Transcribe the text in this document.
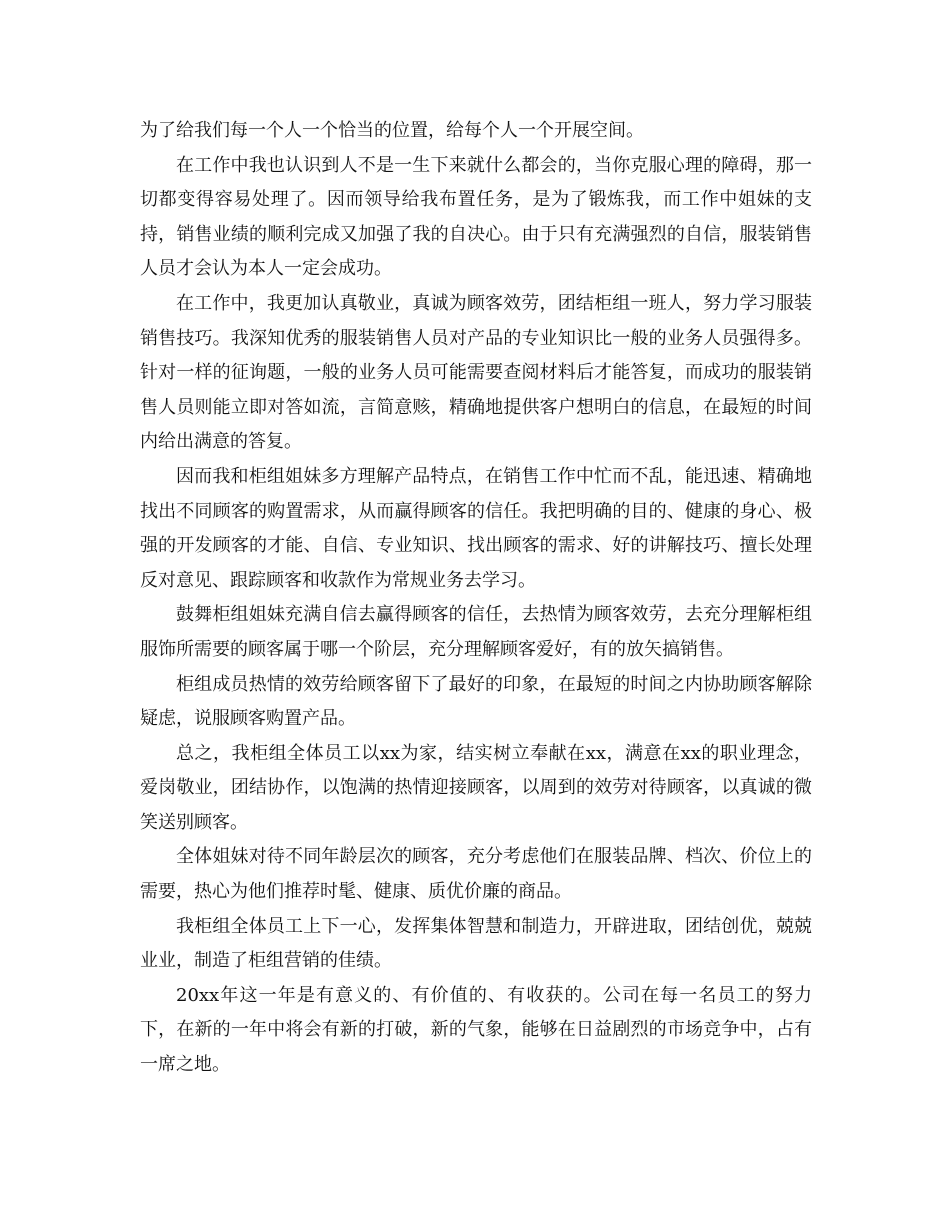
为了给我们每一个人一个恰当的位置，给每个人一个开展空间。

在工作中我也认识到人不是一生下来就什么都会的，当你克服心理的障碍，那一切都变得容易处理了。因而领导给我布置任务，是为了锻炼我，而工作中姐妹的支持，销售业绩的顺利完成又加强了我的自决心。由于只有充满强烈的自信，服装销售人员才会认为本人一定会成功。

在工作中，我更加认真敬业，真诚为顾客效劳，团结柜组一班人，努力学习服装销售技巧。我深知优秀的服装销售人员对产品的专业知识比一般的业务人员强得多。针对一样的征询题，一般的业务人员可能需要查阅材料后才能答复，而成功的服装销售人员则能立即对答如流，言简意赅，精确地提供客户想明白的信息，在最短的时间内给出满意的答复。

因而我和柜组姐妹多方理解产品特点，在销售工作中忙而不乱，能迅速、精确地找出不同顾客的购置需求，从而赢得顾客的信任。我把明确的目的、健康的身心、极强的开发顾客的才能、自信、专业知识、找出顾客的需求、好的讲解技巧、擅长处理反对意见、跟踪顾客和收款作为常规业务去学习。

鼓舞柜组姐妹充满自信去赢得顾客的信任，去热情为顾客效劳，去充分理解柜组服饰所需要的顾客属于哪一个阶层，充分理解顾客爱好，有的放矢搞销售。

柜组成员热情的效劳给顾客留下了最好的印象，在最短的时间之内协助顾客解除疑虑，说服顾客购置产品。

总之，我柜组全体员工以xx为家，结实树立奉献在xx，满意在xx的职业理念，爱岗敬业，团结协作，以饱满的热情迎接顾客，以周到的效劳对待顾客，以真诚的微笑送别顾客。

全体姐妹对待不同年龄层次的顾客，充分考虑他们在服装品牌、档次、价位上的需要，热心为他们推荐时髦、健康、质优价廉的商品。

我柜组全体员工上下一心，发挥集体智慧和制造力，开辟进取，团结创优，兢兢业业，制造了柜组营销的佳绩。

20xx年这一年是有意义的、有价值的、有收获的。公司在每一名员工的努力下，在新的一年中将会有新的打破，新的气象，能够在日益剧烈的市场竞争中，占有一席之地。
